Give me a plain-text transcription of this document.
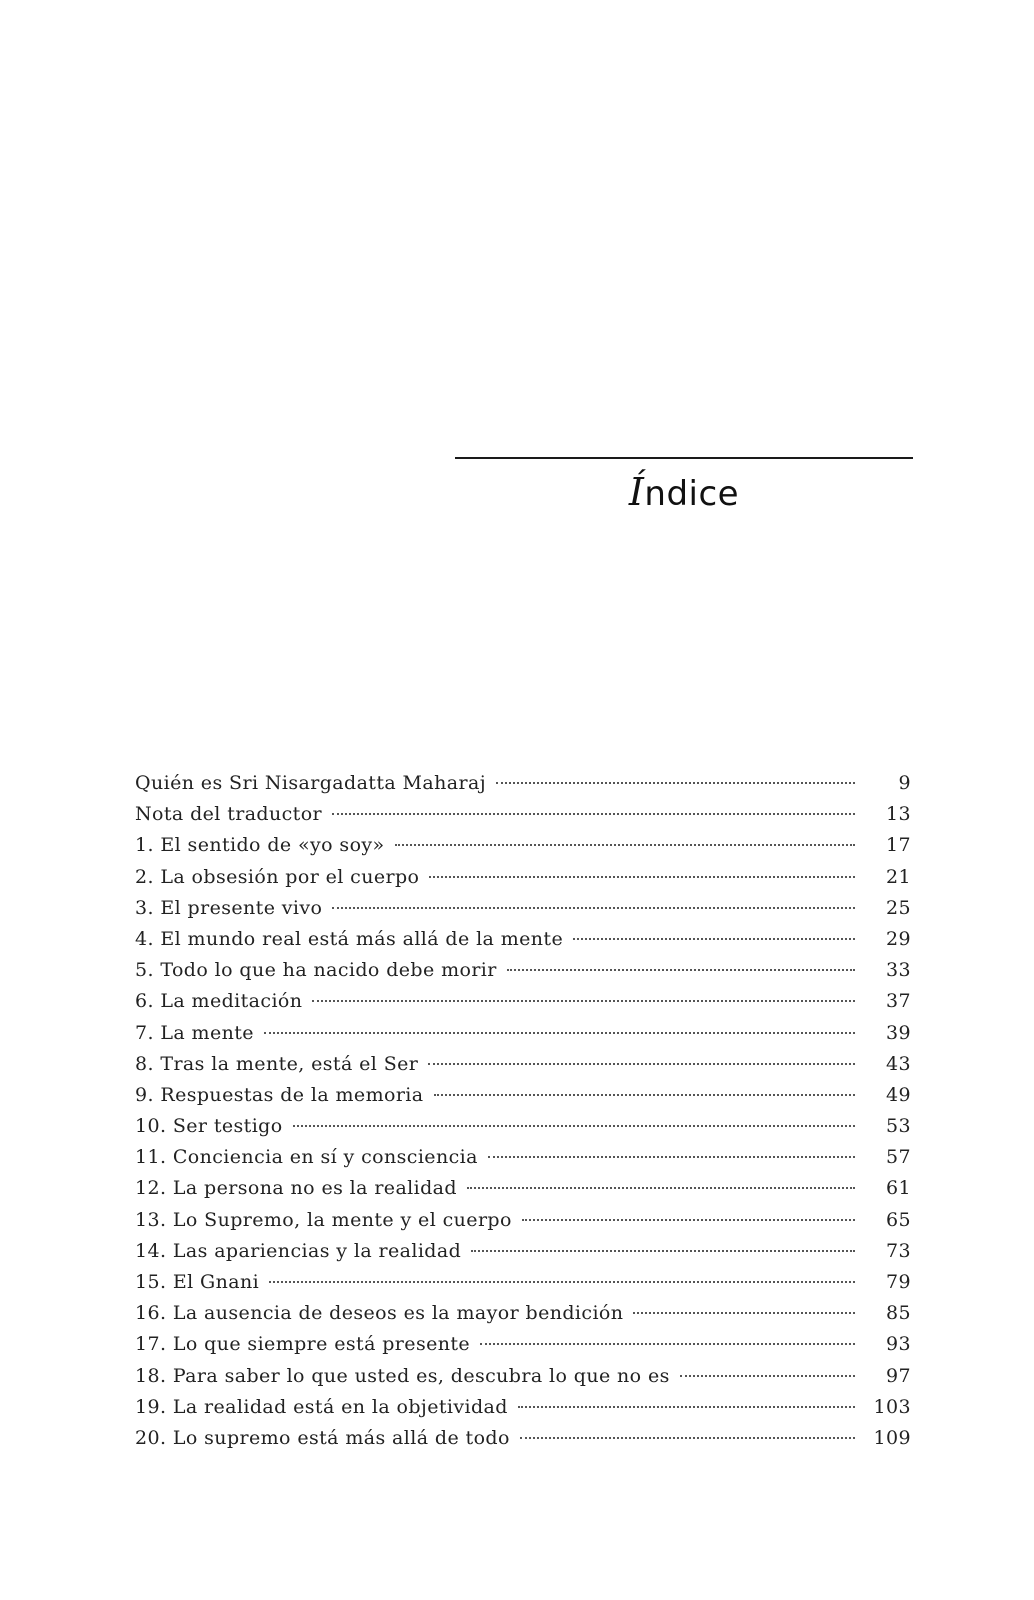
Índice
Quién es Sri Nisargadatta Maharaj	9
Nota del traductor	13
1. El sentido de «yo soy»	17
2. La obsesión por el cuerpo	21
3. El presente vivo	25
4. El mundo real está más allá de la mente	29
5. Todo lo que ha nacido debe morir	33
6. La meditación	37
7. La mente	39
8. Tras la mente, está el Ser	43
9. Respuestas de la memoria	49
10. Ser testigo	53
11. Conciencia en sí y consciencia	57
12. La persona no es la realidad	61
13. Lo Supremo, la mente y el cuerpo	65
14. Las apariencias y la realidad	73
15. El Gnani	79
16. La ausencia de deseos es la mayor bendición	85
17. Lo que siempre está presente	93
18. Para saber lo que usted es, descubra lo que no es	97
19. La realidad está en la objetividad	103
20. Lo supremo está más allá de todo	109
